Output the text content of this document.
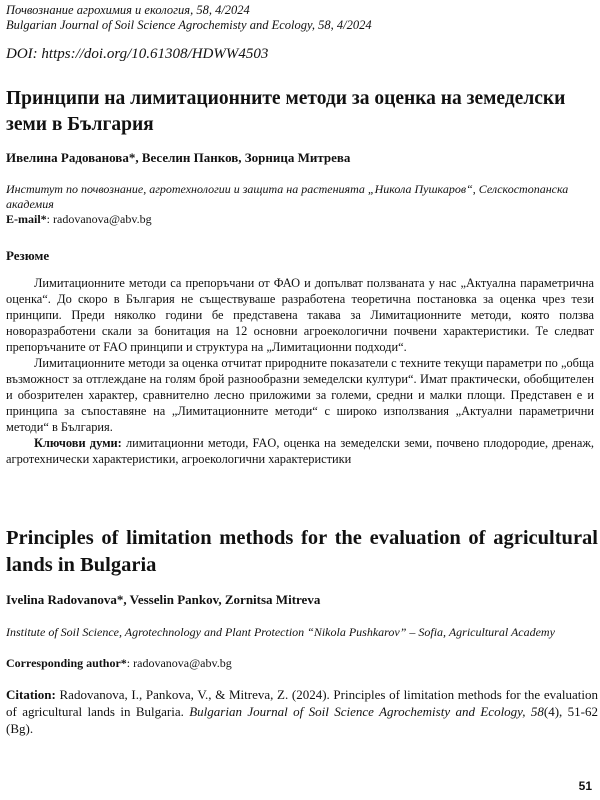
Почвознание агрохимия и екология, 58, 4/2024
Bulgarian Journal of Soil Science Agrochemisty and Ecology, 58, 4/2024
DOI: https://doi.org/10.61308/HDWW4503
Принципи на лимитационните методи за оценка на земеделски земи в България
Ивелина Радованова*, Веселин Панков, Зорница Митрева
Институт по почвознание, агротехнологии и защита на растенията „Никола Пушкаров“, Селскостопанска академия
E-mail*: radovanova@abv.bg
Резюме

Лимитационните методи са препоръчани от ФАО и допълват ползваната у нас „Актуална параметрична оценка“. До скоро в България не съществуваше разработена теоретична постановка за оценка чрез тези принципи. Преди няколко години бе представена такава за Лимитационните методи, която ползва новоразработени скали за бонитация на 12 основни агроекологични почвени характеристики. Те следват препоръчаните от FAO принципи и структура на „Лимитационни подходи“.

Лимитационните методи за оценка отчитат природните показатели с техните текущи параметри по „обща възможност за отглеждане на голям брой разнообразни земеделски култури“. Имат практически, обобщителен и обозрителен характер, сравнително лесно приложими за големи, средни и малки площи. Представен е и принципа за съпоставяне на „Лимитационните методи“ с широко използвания „Актуални параметрични методи“ в България.

Ключови думи: лимитационни методи, FAO, оценка на земеделски земи, почвено плодородие, дренаж, агротехнически характеристики, агроекологични характеристики

Principles of limitation methods for the evaluation of agricultural lands in Bulgaria
Ivelina Radovanova*, Vesselin Pankov, Zornitsa Mitreva
Institute of Soil Science, Agrotechnology and Plant Protection “Nikola Pushkarov” – Sofia, Agricultural Academy
Corresponding author*: radovanova@abv.bg
Citation: Radovanova, I., Pankova, V., & Mitreva, Z. (2024). Principles of limitation methods for the evaluation of agricultural lands in Bulgaria. Bulgarian Journal of Soil Science Agrochemisty and Ecology, 58(4), 51-62 (Bg).
51
